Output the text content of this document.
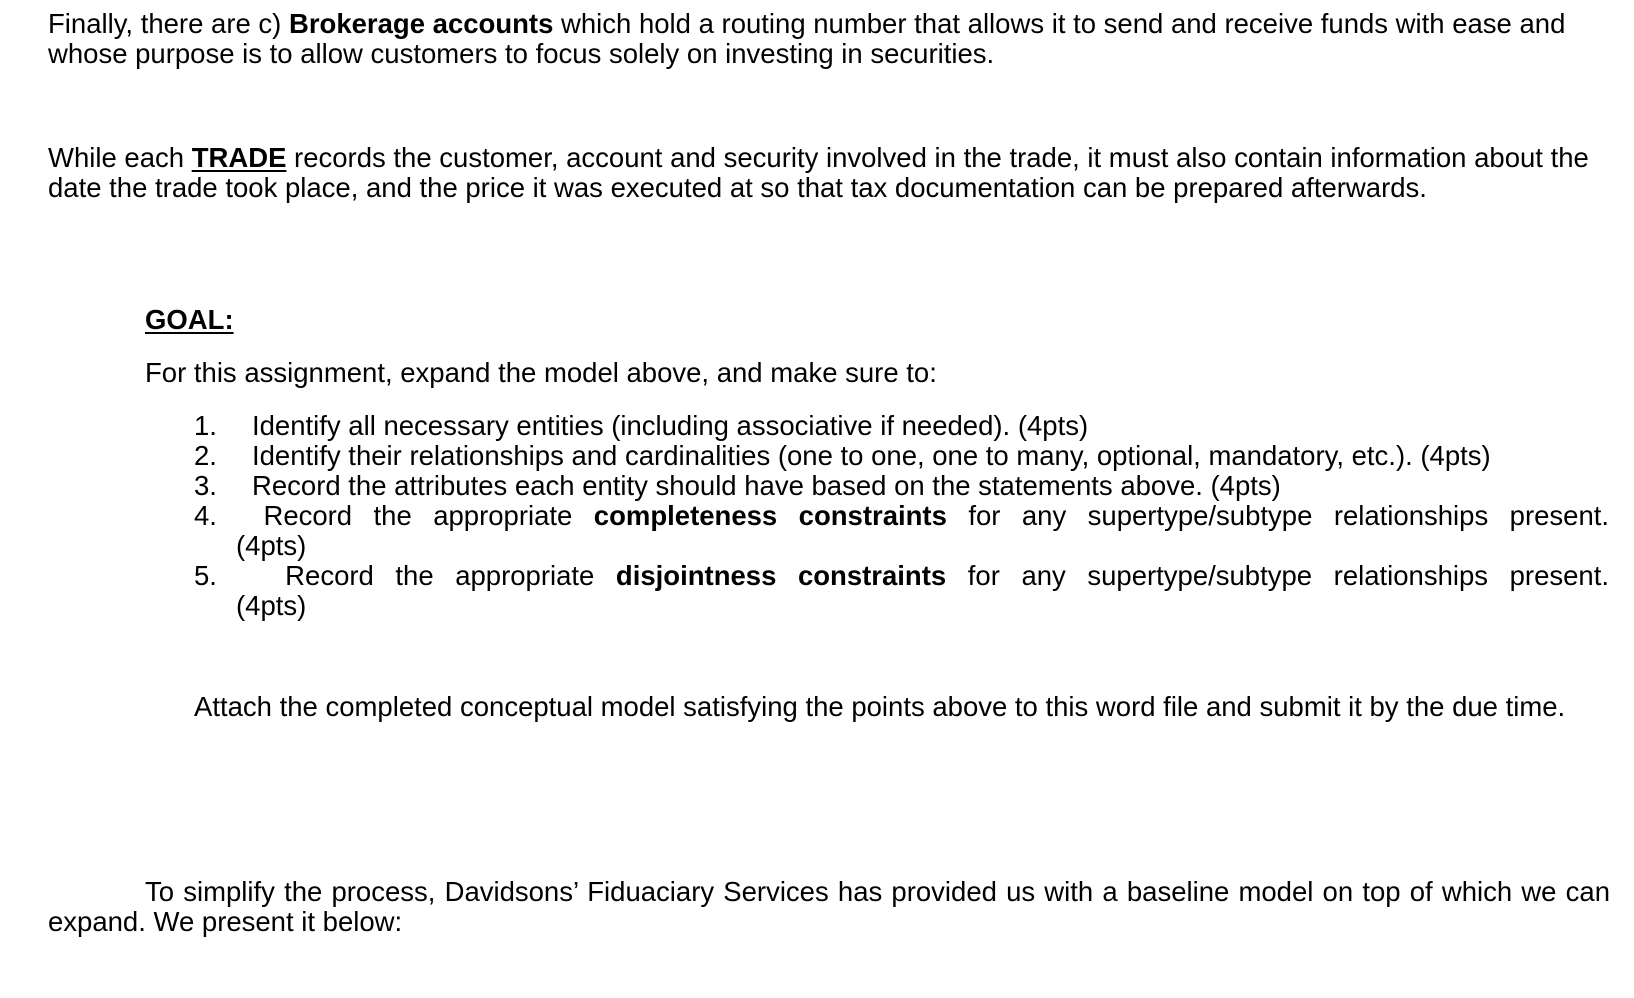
Finally, there are c) Brokerage accounts which hold a routing number that allows it to send and receive funds with ease and whose purpose is to allow customers to focus solely on investing in securities.

While each TRADE records the customer, account and security involved in the trade, it must also contain information about the date the trade took place, and the price it was executed at so that tax documentation can be prepared afterwards.

GOAL:
For this assignment, expand the model above, and make sure to:
1. Identify all necessary entities (including associative if needed). (4pts)
2. Identify their relationships and cardinalities (one to one, one to many, optional, mandatory, etc.). (4pts)
3. Record the attributes each entity should have based on the statements above. (4pts)
4.	Record the appropriate completeness constraints for any supertype/subtype relationships present.
(4pts)
5.	Record the appropriate disjointness constraints for any supertype/subtype relationships present.
(4pts)
Attach the completed conceptual model satisfying the points above to this word file and submit it by the due time.

To simplify the process, Davidsons’ Fiduaciary Services has provided us with a baseline model on top of which we can expand. We present it below:
